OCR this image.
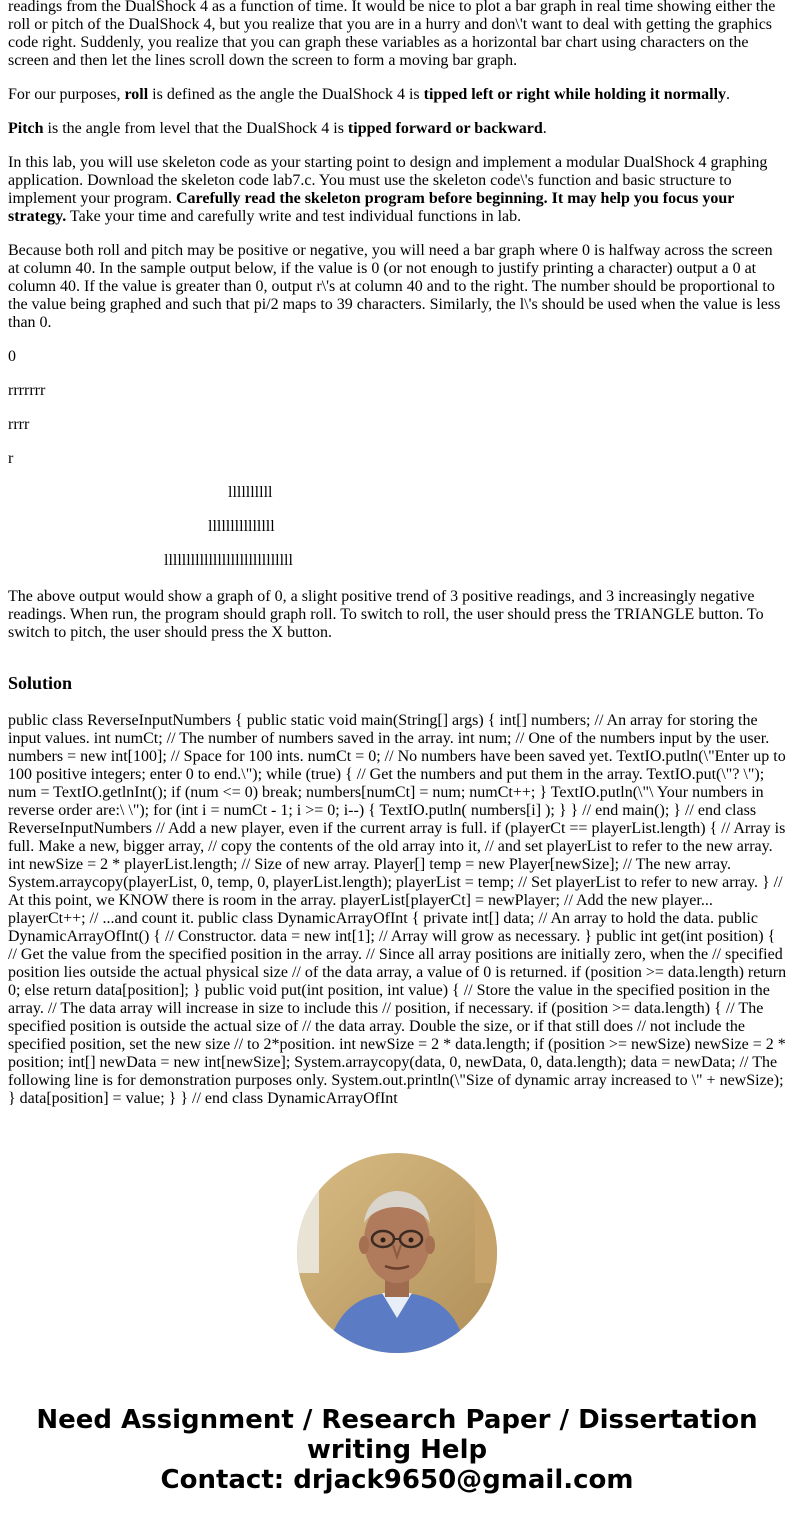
readings from the DualShock 4 as a function of time. It would be nice to plot a bar graph in real time showing either the roll or pitch of the DualShock 4, but you realize that you are in a hurry and don\'t want to deal with getting the graphics code right. Suddenly, you realize that you can graph these variables as a horizontal bar chart using characters on the screen and then let the lines scroll down the screen to form a moving bar graph.

For our purposes, roll is defined as the angle the DualShock 4 is tipped left or right while holding it normally.

Pitch is the angle from level that the DualShock 4 is tipped forward or backward.

In this lab, you will use skeleton code as your starting point to design and implement a modular DualShock 4 graphing application. Download the skeleton code lab7.c. You must use the skeleton code\'s function and basic structure to implement your program. Carefully read the skeleton program before beginning. It may help you focus your strategy. Take your time and carefully write and test individual functions in lab.

Because both roll and pitch may be positive or negative, you will need a bar graph where 0 is halfway across the screen at column 40. In the sample output below, if the value is 0 (or not enough to justify printing a character) output a 0 at column 40. If the value is greater than 0, output r\'s at column 40 and to the right. The number should be proportional to the value being graphed and such that pi/2 maps to 39 characters. Similarly, the l\'s should be used when the value is less than 0.

0
rrrrrrr
rrrr
r
llllllllll
lllllllllllllll
lllllllllllllllllllllllllllll

The above output would show a graph of 0, a slight positive trend of 3 positive readings, and 3 increasingly negative readings. When run, the program should graph roll. To switch to roll, the user should press the TRIANGLE button. To switch to pitch, the user should press the X button.

Solution

public class ReverseInputNumbers { public static void main(String[] args) { int[] numbers; // An array for storing the input values. int numCt; // The number of numbers saved in the array. int num; // One of the numbers input by the user. numbers = new int[100]; // Space for 100 ints. numCt = 0; // No numbers have been saved yet. TextIO.putln(\"Enter up to 100 positive integers; enter 0 to end.\"); while (true) { // Get the numbers and put them in the array. TextIO.put(\"? \"); num = TextIO.getlnInt(); if (num <= 0) break; numbers[numCt] = num; numCt++; } TextIO.putln(\"\ Your numbers in reverse order are:\ \"); for (int i = numCt - 1; i >= 0; i--) { TextIO.putln( numbers[i] ); } } // end main(); } // end class ReverseInputNumbers // Add a new player, even if the current array is full. if (playerCt == playerList.length) { // Array is full. Make a new, bigger array, // copy the contents of the old array into it, // and set playerList to refer to the new array. int newSize = 2 * playerList.length; // Size of new array. Player[] temp = new Player[newSize]; // The new array. System.arraycopy(playerList, 0, temp, 0, playerList.length); playerList = temp; // Set playerList to refer to new array. } // At this point, we KNOW there is room in the array. playerList[playerCt] = newPlayer; // Add the new player... playerCt++; // ...and count it. public class DynamicArrayOfInt { private int[] data; // An array to hold the data. public DynamicArrayOfInt() { // Constructor. data = new int[1]; // Array will grow as necessary. } public int get(int position) { // Get the value from the specified position in the array. // Since all array positions are initially zero, when the // specified position lies outside the actual physical size // of the data array, a value of 0 is returned. if (position >= data.length) return 0; else return data[position]; } public void put(int position, int value) { // Store the value in the specified position in the array. // The data array will increase in size to include this // position, if necessary. if (position >= data.length) { // The specified position is outside the actual size of // the data array. Double the size, or if that still does // not include the specified position, set the new size // to 2*position. int newSize = 2 * data.length; if (position >= newSize) newSize = 2 * position; int[] newData = new int[newSize]; System.arraycopy(data, 0, newData, 0, data.length); data = newData; // The following line is for demonstration purposes only. System.out.println(\"Size of dynamic array increased to \" + newSize); } data[position] = value; } } // end class DynamicArrayOfInt

Need Assignment / Research Paper / Dissertation writing Help
Contact: drjack9650@gmail.com
